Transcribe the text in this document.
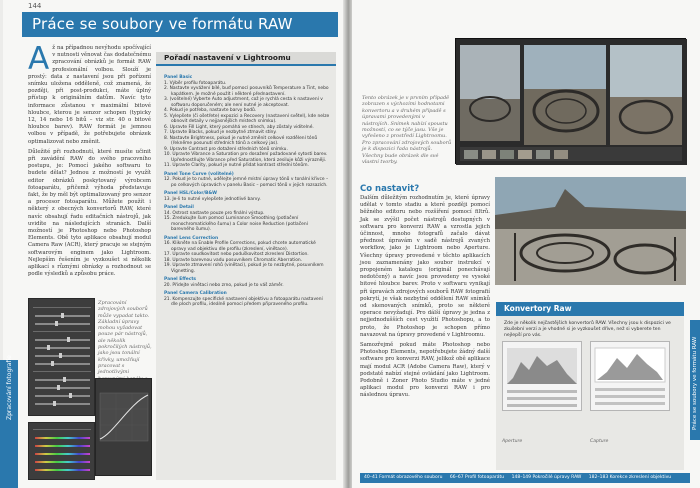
144
Práce se soubory ve formátu RAW
A ž na případnou nevýhodu spočívající v nutnosti věnovat čas dodatečnému zpracování obrázků je formát RAW profesionální volbou. Slouží je prostý: data z nastavení jsou při pořízení snímku uložena odděleně, což znamená, že později, při post-produkci, máte úplný přístup k originálním datům. Navíc tyto informace zůstanou v maximální bitové hloubce, kterou je senzor schopen (typicky 12, 14 nebo 16 bitů – viz str. 40 o bitové hloubce barev). RAW formát je jemnou volbou v případě, že potřebujete obrázek optimalizovat nebo změnit.

Důležité při rozhodnutí, které musíte učinit při zavádění RAW do svého pracovního postupu, je: Pomocí jakého softwaru to budete dělat? Jednou z možností je využít editor obrázků poskytovaný výrobcem fotoaparátu, přičemž výhoda představuje fakt, že by měl být optimalizovaný pro senzor a procesor fotoaparátu. Můžete použít i některý z obecných konvertorů RAW, které navíc obsahují řadu editačních nástrojů, jak uvidíte na následujících stranách. Další možností je Photoshop nebo Photoshop Elements. Obě tyto aplikace obsahují modul Camera Raw (ACR), který pracuje se stejným softwarovým enginem jako Lightroom. Nejlepším řešením je vyzkoušet si několik aplikací s různými obrázky a rozhodnout se podle výsledků a způsobu práce.

Zpracování zdrojových souborů může vypadat takto. Základní úpravy mohou vyžadovat pouze pár nástrojů, ale několik pokročilých nástrojů, jako jsou tonální křivky, umožňují pracovat s jednotlivými
Zpracování fotografie
Pořadí nastavení v Lightroomu
Panel Basic
1. Výběr profilu fotoaparátu.
2. Nastavte vyvážení bílé, buď pomocí posuvníků Temperature a Tint, nebo kapátkem. Je možné použít i některé přednastavení.
3. (volitelné) Vyberte Auto adjustment, což je rychlá cesta k nastavení v softwaru doporučeném; ale není nutné je akceptovat.
4. Pokud je potřeba, nastavte barvy bodů.
5. Vylepšete (či ošetřete) expozici a Recovery (nastavení světel), kde nelze obnovit detaily v nejjasnějších místech snímku).
6. Upravte Fill Light, který pomáhá ve stínech, aby zůstaly viditelné.
7. Upravte Blacks, pokud je nezbytné ztmavit stíny.
8. Nastavte Brightness, pokud je nutné změnit celkové rozdělení tónů (řekněme posunutí středních tónů a celkový jas).
9. Upravte Contrast pro dotažení středních tónů snímku.
10. Upravte Vibrance a Saturation pro dosažení požadované sytosti barev. Upřednostňujte Vibrance před Saturation, která zesiluje kůži výrazněji.
11. Upravte Clarity, pokud je nutné přidat kontrast střední tónům.
Panel Tone Curve (volitelné)
12. Pokud je to nutné, udělejte jemné místní úpravy tónů v tonální křivce – po celkových úpravách v panelu Basic – pomocí tónů v jejich rozsazích.
Panel HSL/Color/B&W
13. Je-li to nutné vylepšete jednotlivé barvy.
Panel Detail
14. Ostrost nastavte pouze pro finální výstup.
15. Zredukujte šum pomocí Luminance Smoothing (potlačení monochromatického šumu) a Color noise Reduction (potlačení barevného šumu).
Panel Lens Correction
16. Klikněte na Enable Profile Corrections, pokud chcete automatické opravy vad objektivu dle profilu (zkreslení, vinětace).
17. Upravte soudkovitost nebo poduškovitost zkreslení Distortion.
18. Upravte barevnou vadu posuvníkem Chromatic Aberration.
19. Upravte ztmavení rohů (vinětaci), pokud je to nezbytné, posuvníkem Vignetting.
Panel Effects
20. Přidejte vinětaci nebo zrno, pokud je to váš záměr.
Panel Camera Calibration
21. Kompenzujte specifické nastavení objektivu a fotoaparátu nastavení dle ploch profilu, ideálně pomocí předem připraveného profilu.
Tento obrázek je v prvním případě zobrazen s výchozími hodnotami konvertoru a v druhém případě s úpravami provedenými v nástrojích. Snímek nabízí spoustu možností, co se týče jasu. Vše je vyřešeno z prostředí Lightroomu. Pro zpracování zdrojových souborů je k dispozici řada nástrojů. Všechny bude obrázek dle své vlastní tvorby.
Co nastavit?

Dalším důležitým rozhodnutím je, které úpravy udělat v tomto stadiu a které později pomocí běžného editoru nebo rozšíření pomocí filtrů. Jak se zvýšil počet nástrojů dostupných v softwaru pro konverzi RAW a vzrostla jejich účinnost, mnoho fotografů začalo dávat přednost úpravám v sadě nástrojů zvaných workflow, jako je Lightroom nebo Aperture. Všechny úpravy provedené v těchto aplikacích jsou zaznamenány jako soubor instrukcí v propojeném katalogu (originál ponechávají nedotčený) a navíc jsou provedeny ve vysoké bitové hloubce barev. Proto v softwaru vynikají při úpravách zdrojových souborů RAW fotografií pokrytí, je však nezbytné oddělení RAW snímků od skenovaných snímků, proto se některé operace nevyžadují. Pro dálší úpravy je jedna z nejjednodušších cest využití Photoshopu, a to proto, že Photoshop je schopen přímo navazovat na úpravy provedené v Lightroomu.

Samozřejmě pokud máte Photoshop nebo Photoshop Elements, nepotřebujete žádný další software pro konverzi RAW, jelikož obě aplikace mají modul ACR (Adobe Camera Raw), který v podstatě nabízí stejné ovládání jako Lightroom. Podobně i Zoner Photo Studio máte v jedné aplikaci modul pro konverzi RAW i pro následnou úpravu.

Konvertory Raw
Zde je několik nejčastějších konvertorů RAW. Všechny jsou k dispozici ve zkušební verzi a je vhodné si je vyzkoušet dříve, než si vyberete ten nejlepší pro vás.
Aperture	Capture
Práce se soubory ve formátu RAW
40–41 Formát obrazového souboru 66–67 Profil fotoaparátu 148–149 Pokročilé úpravy RAW 182–183 Korekce zkreslení objektivu
